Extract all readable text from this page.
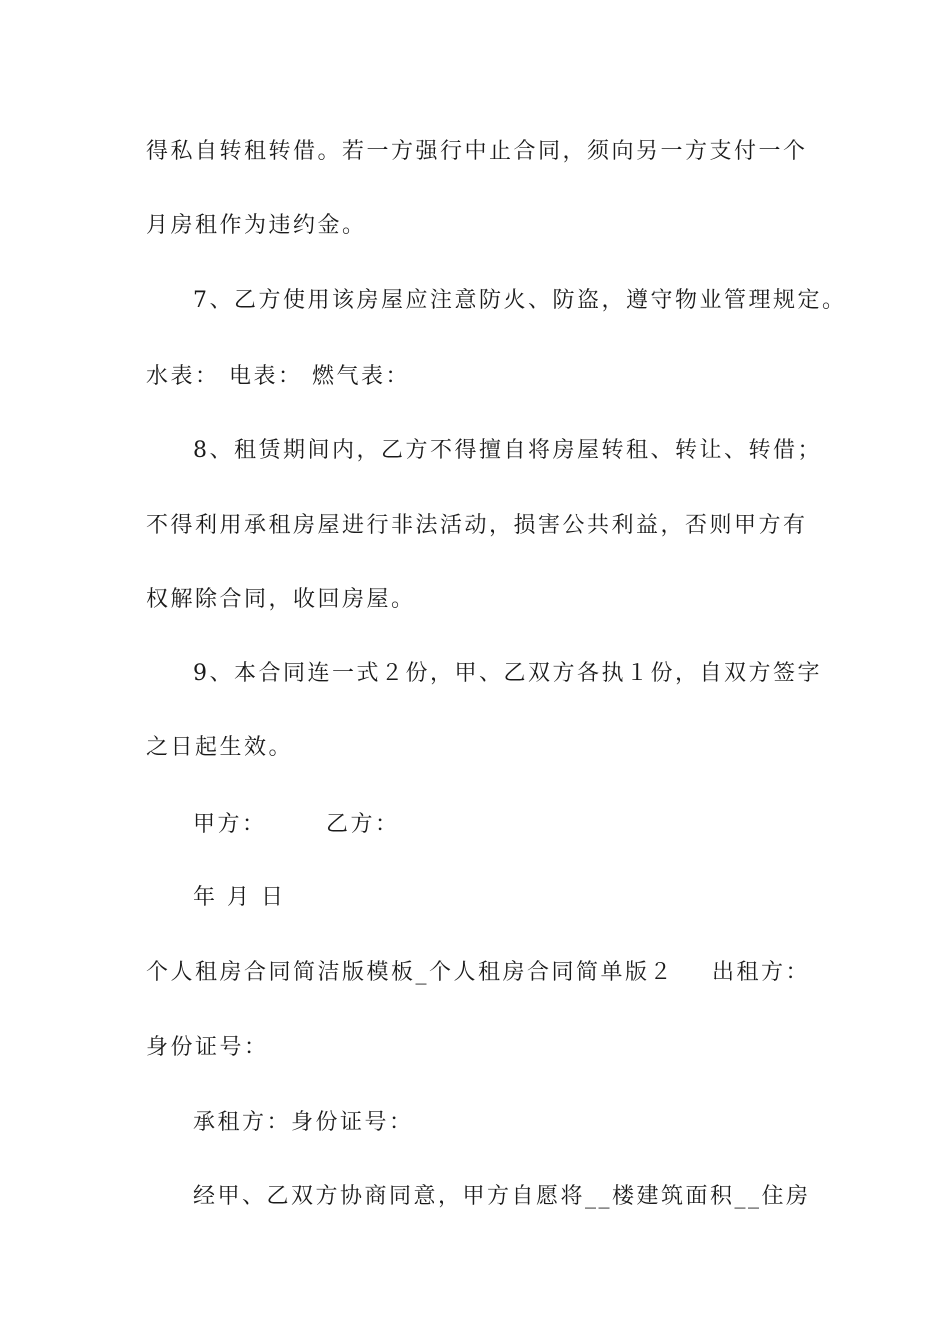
得私自转租转借。若一方强行中止合同，须向另一方支付一个
月房租作为违约金。
7、乙方使用该房屋应注意防火、防盗，遵守物业管理规定。
水表： 电表： 燃气表：
8、租赁期间内，乙方不得擅自将房屋转租、转让、转借；
不得利用承租房屋进行非法活动，损害公共利益，否则甲方有
权解除合同，收回房屋。
9、本合同连一式２份，甲、乙双方各执１份，自双方签字
之日起生效。
甲方：	乙方：
年 月 日
个人租房合同简洁版模板_个人租房合同简单版２ 出租方：
身份证号：
承租方：身份证号：
经甲、乙双方协商同意，甲方自愿将__楼建筑面积__住房
